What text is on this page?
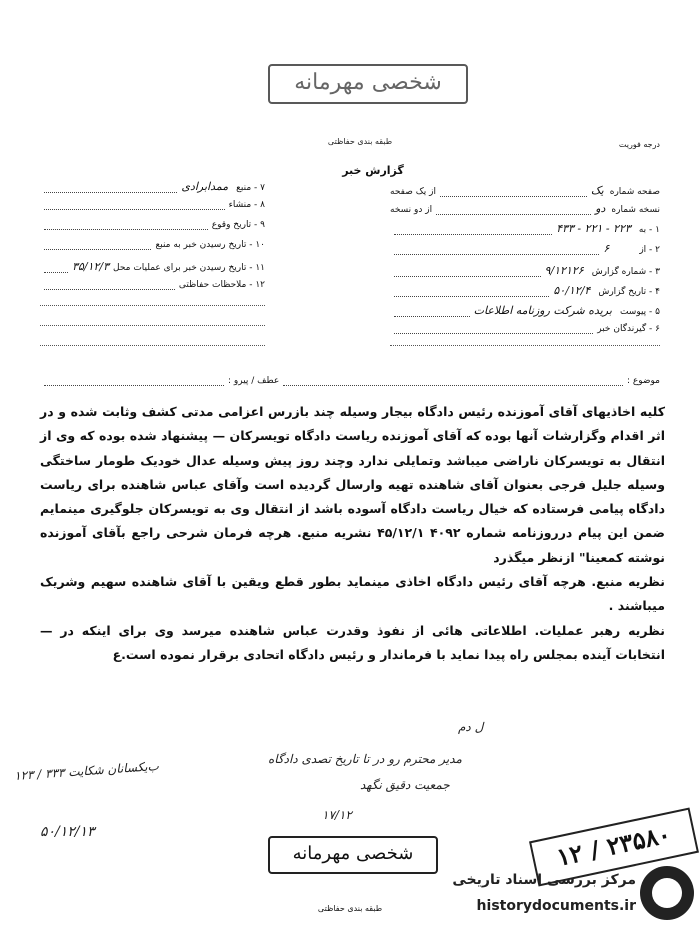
شخصی مهرمانه
طبقه بندی حفاظتی	درجه فوریت
گزارش خبر
صفحه شماره
یک
از یک صفحه
نسخه شماره
دو
از دو نسخه
۱ - به
۲۲۳ - ۲۲۱ - ۴۳۳
۲ - از
۶
۳ - شماره گزارش
۹/۱۲۱۲۶
۴ - تاریخ گزارش
۵۰/۱۲/۴
۵ - پیوست
بریده شرکت روزنامه اطلاعات
۶ - گیرندگان خبر
۷ - منبع
ممدابرادی
۸ - منشاء
۹ - تاریخ وقوع
۱۰ - تاریخ رسیدن خبر به منبع
۱۱ - تاریخ رسیدن خبر برای عملیات محل
۳۵/۱۲/۳
۱۲ - ملاحظات حفاظتی
موضوع :
عطف / پیرو :

کلیه اخاذیهای آقای آموزنده رئیس دادگاه بیجار وسیله چند بازرس اعزامی مدتی کشف وثابت شده و در اثر اقدام وگزارشات آنها بوده که آقای آموزنده ریاست دادگاه تویسرکان — پیشنهاد شده بوده که وی از انتقال به تویسرکان ناراضی میباشد وتمایلی ندارد وچند روز پیش وسیله عدال خودیک طومار ساختگی وسیله جلیل فرجی بعنوان آقای شاهنده تهیه وارسال گردیده است وآقای عباس شاهنده برای ریاست دادگاه پیامی فرستاده که خیال ریاست دادگاه آسوده باشد از انتقال وی به تویسرکان جلوگیری مینمایم ضمن این پیام درروزنامه شماره ۴۰۹۲ ۴۵/۱۲/۱ نشریه منبع. هرچه فرمان شرحی راجع بآقای آموزنده نوشته کمعینا" ازنظر میگذرد

نظریه منبع. هرچه آقای رئیس دادگاه اخاذی مینماید بطور قطع ویقین با آقای شاهنده سهیم وشریک میباشند .

نظریه رهبر عملیات. اطلاعاتی هائی از نفوذ وقدرت عباس شاهنده میرسد وی برای اینکه در — انتخابات آینده بمجلس راه پیدا نماید با فرماندار و رئیس دادگاه اتحادی برقرار نموده است.ع

ل دم
مدیر محترم رو در تا تاریخ تصدی دادگاه
جمعیت دقیق نگهد
ب‌یکسانان شکایت ۳۳۳ / ۱۲۳
۵۰/۱۲/۱۳
۱۷/۱۲
۲۳۵۸۰ / ۱۲
شخصی مهرمانه
طبقه بندی حفاظتی
مرکز بررسی اسناد تاریخی
historydocuments.ir
